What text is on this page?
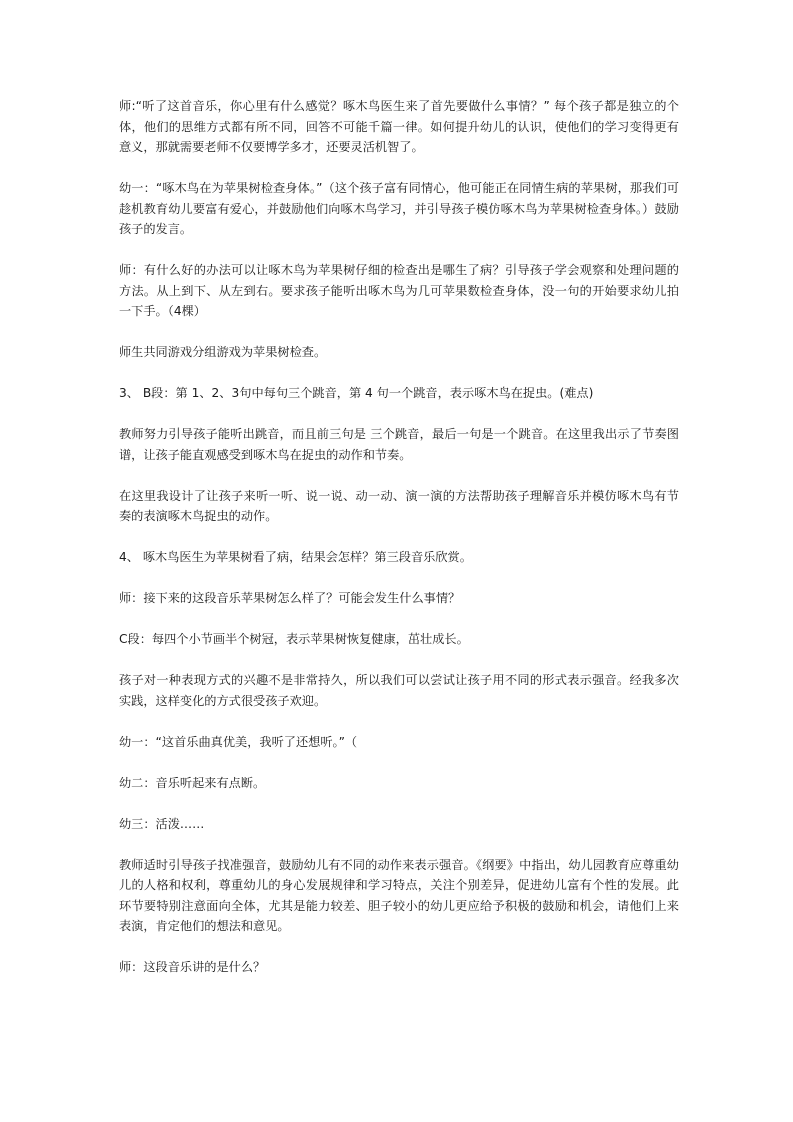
师:“听了这首音乐，你心里有什么感觉？啄木鸟医生来了首先要做什么事情？” 每个孩子都是独立的个体，他们的思维方式都有所不同，回答不可能千篇一律。如何提升幼儿的认识，使他们的学习变得更有意义，那就需要老师不仅要博学多才，还要灵活机智了。

幼一：“啄木鸟在为苹果树检查身体。”（这个孩子富有同情心，他可能正在同情生病的苹果树，那我们可趁机教育幼儿要富有爱心，并鼓励他们向啄木鸟学习，并引导孩子模仿啄木鸟为苹果树检查身体。）鼓励孩子的发言。

师：有什么好的办法可以让啄木鸟为苹果树仔细的检查出是哪生了病？引导孩子学会观察和处理问题的方法。从上到下、从左到右。要求孩子能听出啄木鸟为几可苹果数检查身体，没一句的开始要求幼儿拍一下手。（4棵）

师生共同游戏分组游戏为苹果树检查。

3、 B段：第 1、2、3句中每句三个跳音，第 4 句一个跳音，表示啄木鸟在捉虫。(难点)

教师努力引导孩子能听出跳音，而且前三句是 三个跳音，最后一句是一个跳音。在这里我出示了节奏图谱，让孩子能直观感受到啄木鸟在捉虫的动作和节奏。

在这里我设计了让孩子来听一听、说一说、动一动、演一演的方法帮助孩子理解音乐并模仿啄木鸟有节奏的表演啄木鸟捉虫的动作。

4、 啄木鸟医生为苹果树看了病，结果会怎样？第三段音乐欣赏。

师：接下来的这段音乐苹果树怎么样了？可能会发生什么事情？

C段：每四个小节画半个树冠，表示苹果树恢复健康，茁壮成长。

孩子对一种表现方式的兴趣不是非常持久，所以我们可以尝试让孩子用不同的形式表示强音。经我多次实践，这样变化的方式很受孩子欢迎。

幼一：“这首乐曲真优美，我听了还想听。”（

幼二：音乐听起来有点断。

幼三：活泼……

教师适时引导孩子找准强音，鼓励幼儿有不同的动作来表示强音。《纲要》中指出，幼儿园教育应尊重幼儿的人格和权利，尊重幼儿的身心发展规律和学习特点，关注个别差异，促进幼儿富有个性的发展。此环节要特别注意面向全体，尤其是能力较差、胆子较小的幼儿更应给予积极的鼓励和机会，请他们上来表演，肯定他们的想法和意见。

师：这段音乐讲的是什么？
